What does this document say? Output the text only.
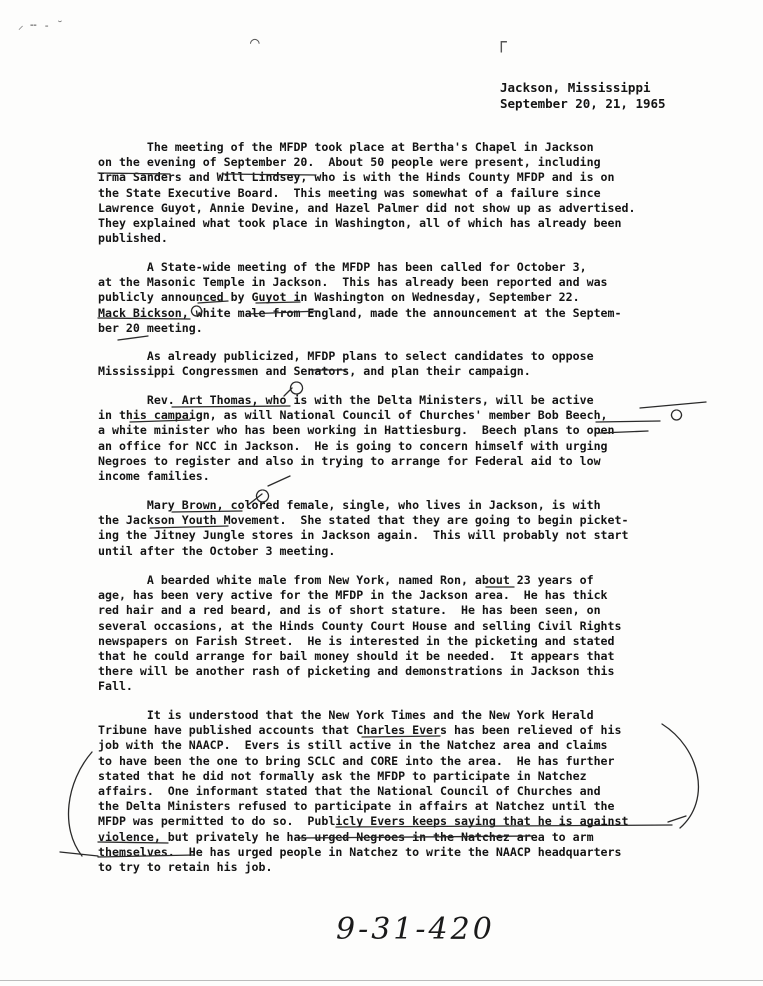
⸝ ╌ ‐ ˘
⌒	┌
Jackson, Mississippi
September 20, 21, 1965
The meeting of the MFDP took place at Bertha's Chapel in Jackson
on the evening of September 20.  About 50 people were present, including
Irma Sanders and Will Lindsey, who is with the Hinds County MFDP and is on
the State Executive Board.  This meeting was somewhat of a failure since
Lawrence Guyot, Annie Devine, and Hazel Palmer did not show up as advertised.
They explained what took place in Washington, all of which has already been
published.
A State-wide meeting of the MFDP has been called for October 3,
at the Masonic Temple in Jackson.  This has already been reported and was
publicly announced by Guyot in Washington on Wednesday, September 22.
Mack Bickson, white male from England, made the announcement at the Septem-
ber 20 meeting.
As already publicized, MFDP plans to select candidates to oppose
Mississippi Congressmen and Senators, and plan their campaign.
Rev. Art Thomas, who is with the Delta Ministers, will be active
in this campaign, as will National Council of Churches' member Bob Beech,
a white minister who has been working in Hattiesburg.  Beech plans to open
an office for NCC in Jackson.  He is going to concern himself with urging
Negroes to register and also in trying to arrange for Federal aid to low
income families.
Mary Brown, colored female, single, who lives in Jackson, is with
the Jackson Youth Movement.  She stated that they are going to begin picket-
ing the Jitney Jungle stores in Jackson again.  This will probably not start
until after the October 3 meeting.
A bearded white male from New York, named Ron, about 23 years of
age, has been very active for the MFDP in the Jackson area.  He has thick
red hair and a red beard, and is of short stature.  He has been seen, on
several occasions, at the Hinds County Court House and selling Civil Rights
newspapers on Farish Street.  He is interested in the picketing and stated
that he could arrange for bail money should it be needed.  It appears that
there will be another rash of picketing and demonstrations in Jackson this
Fall.
It is understood that the New York Times and the New York Herald
Tribune have published accounts that Charles Evers has been relieved of his
job with the NAACP.  Evers is still active in the Natchez area and claims
to have been the one to bring SCLC and CORE into the area.  He has further
stated that he did not formally ask the MFDP to participate in Natchez
affairs.  One informant stated that the National Council of Churches and
the Delta Ministers refused to participate in affairs at Natchez until the
MFDP was permitted to do so.  Publicly Evers keeps saying that he is against
violence, but privately he has urged Negroes in the Natchez area to arm
themselves.  He has urged people in Natchez to write the NAACP headquarters
to try to retain his job.
9-31-420
